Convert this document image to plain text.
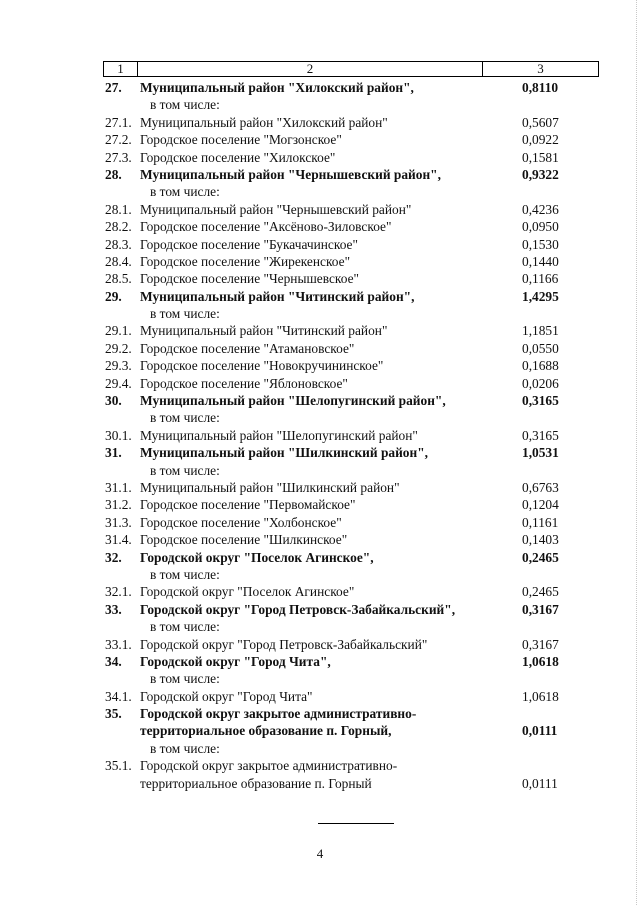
1	2	3
27. Муниципальный район "Хилокский район",	0,8110
в том числе:
27.1. Муниципальный район "Хилокский район"	0,5607
27.2. Городское поселение "Могзонское"	0,0922
27.3. Городское поселение "Хилокское"	0,1581
28. Муниципальный район "Чернышевский район",	0,9322
в том числе:
28.1. Муниципальный район "Чернышевский район"	0,4236
28.2. Городское поселение "Аксёново-Зиловское"	0,0950
28.3. Городское поселение "Букачачинское"	0,1530
28.4. Городское поселение "Жирекенское"	0,1440
28.5. Городское поселение "Чернышевское"	0,1166
29. Муниципальный район "Читинский район",	1,4295
в том числе:
29.1. Муниципальный район "Читинский район"	1,1851
29.2. Городское поселение "Атамановское"	0,0550
29.3. Городское поселение "Новокручининское"	0,1688
29.4. Городское поселение "Яблоновское"	0,0206
30. Муниципальный район "Шелопугинский район",	0,3165
в том числе:
30.1. Муниципальный район "Шелопугинский район"	0,3165
31. Муниципальный район "Шилкинский район",	1,0531
в том числе:
31.1. Муниципальный район "Шилкинский район"	0,6763
31.2. Городское поселение "Первомайское"	0,1204
31.3. Городское поселение "Холбонское"	0,1161
31.4. Городское поселение "Шилкинское"	0,1403
32. Городской округ "Поселок Агинское",	0,2465
в том числе:
32.1. Городской округ "Поселок Агинское"	0,2465
33. Городской округ "Город Петровск-Забайкальский",	0,3167
в том числе:
33.1. Городской округ "Город Петровск-Забайкальский"	0,3167
34. Городской округ "Город Чита",	1,0618
в том числе:
34.1. Городской округ "Город Чита"	1,0618
35. Городской округ закрытое административно-
территориальное образование п. Горный,	0,0111
в том числе:
35.1. Городской округ закрытое административно-
территориальное образование п. Горный	0,0111
4
